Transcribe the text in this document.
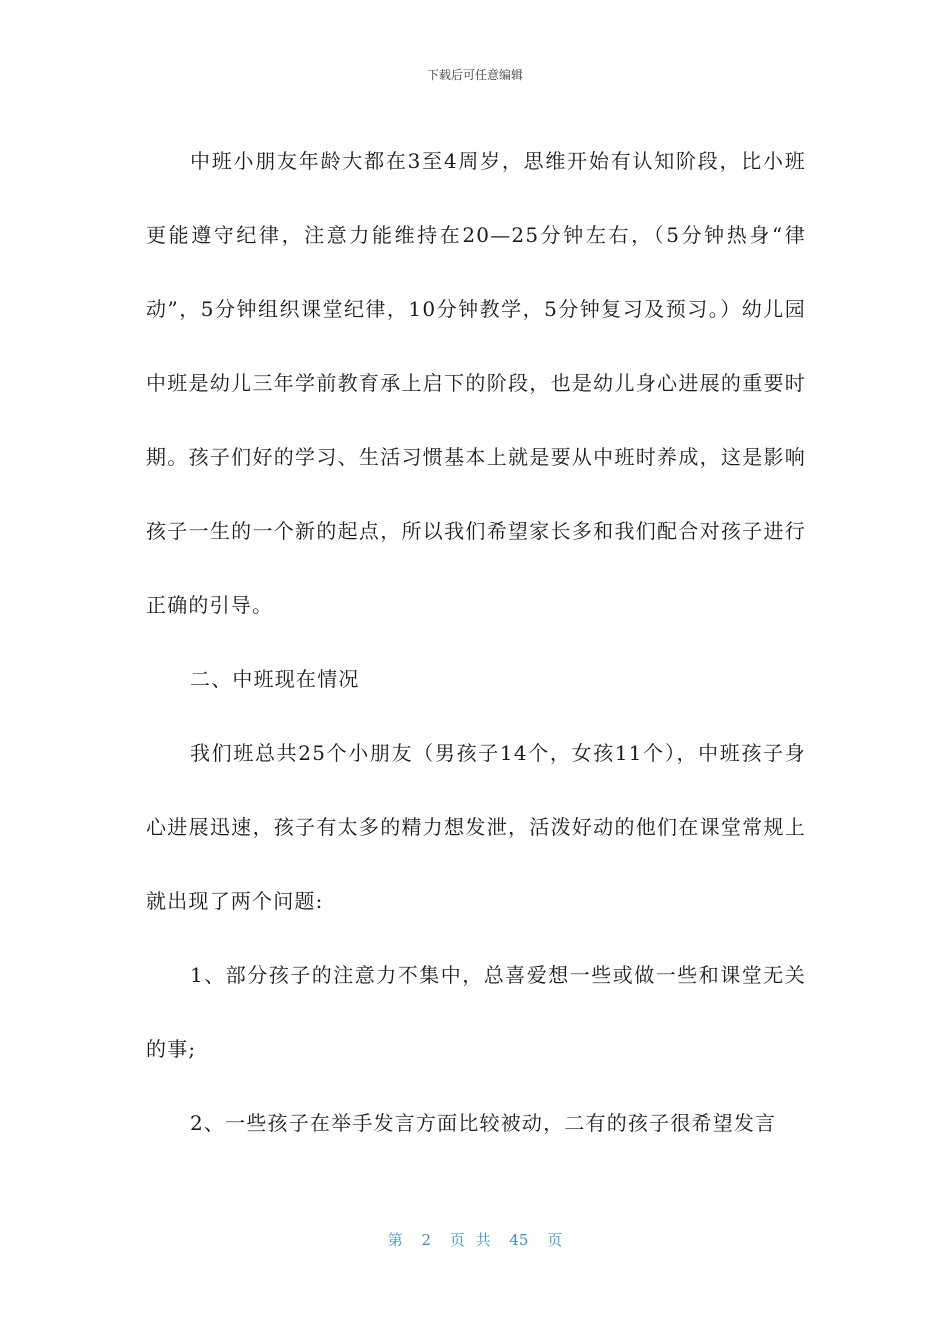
下载后可任意编辑

中班小朋友年龄大都在3至4周岁，思维开始有认知阶段，比小班更能遵守纪律，注意力能维持在20—25分钟左右，（5分钟热身“律动”，5分钟组织课堂纪律，10分钟教学，5分钟复习及预习。）幼儿园中班是幼儿三年学前教育承上启下的阶段，也是幼儿身心进展的重要时期。孩子们好的学习、生活习惯基本上就是要从中班时养成，这是影响孩子一生的一个新的起点，所以我们希望家长多和我们配合对孩子进行正确的引导。

二、中班现在情况

我们班总共25个小朋友（男孩子14个，女孩11个），中班孩子身心进展迅速，孩子有太多的精力想发泄，活泼好动的他们在课堂常规上就出现了两个问题:

1、部分孩子的注意力不集中，总喜爱想一些或做一些和课堂无关的事;

2、一些孩子在举手发言方面比较被动，二有的孩子很希望发言

第 2 页 共 45 页
